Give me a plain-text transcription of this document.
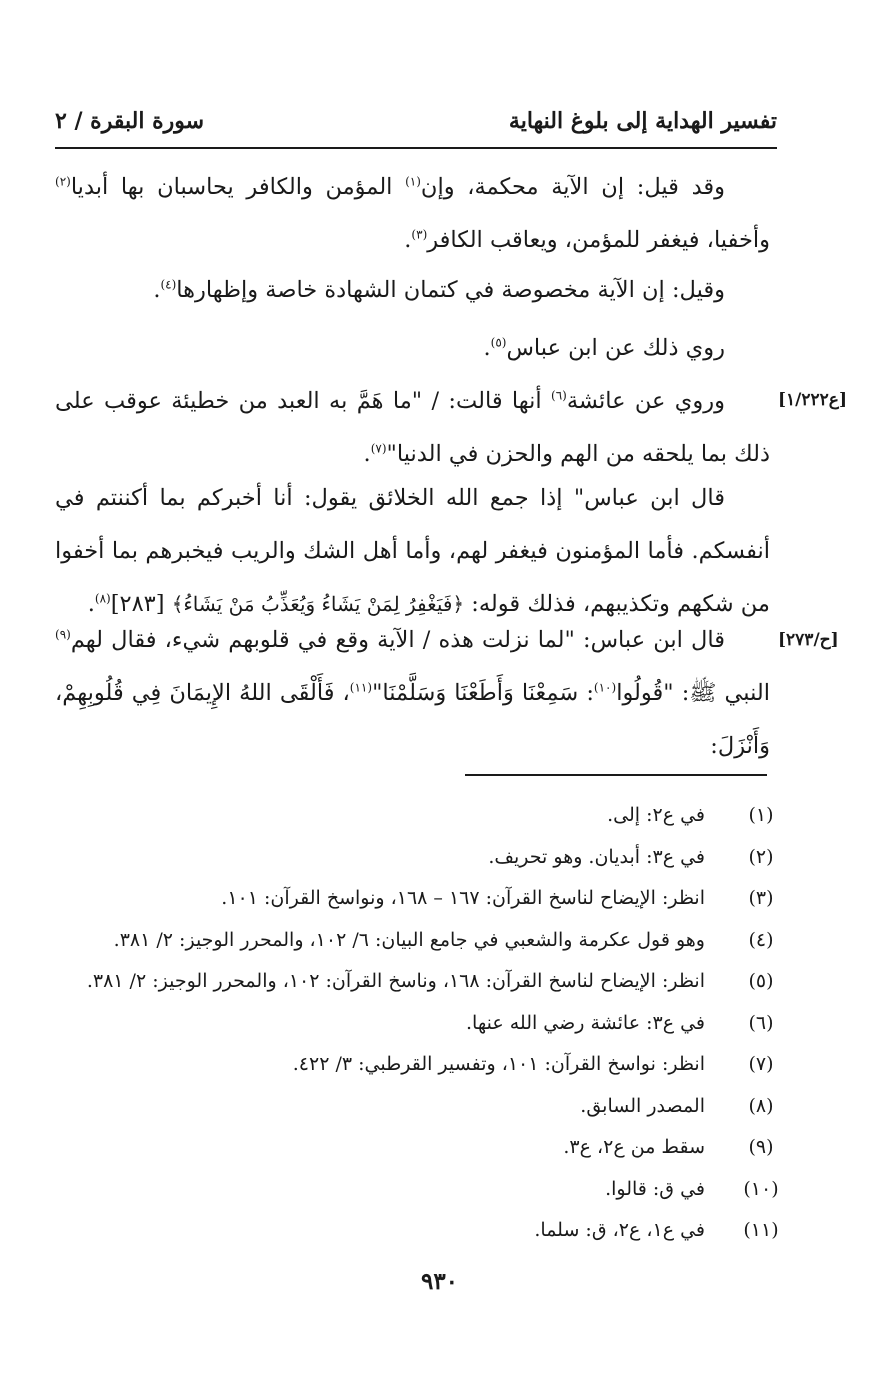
تفسير الهداية إلى بلوغ النهاية
سورة البقرة / ٢

وقد قيل: إن الآية محكمة، وإن$^{(١)}$ المؤمن والكافر يحاسبان بها أبديا$^{(٢)}$ وأخفيا، فيغفر للمؤمن، ويعاقب الكافر$^{(٣)}$.

وقيل: إن الآية مخصوصة في كتمان الشهادة خاصة وإظهارها$^{(٤)}$.

روي ذلك عن ابن عباس$^{(٥)}$.

[ع١/٢٢٢]

وروي عن عائشة$^{(٦)}$ أنها قالت: / "ما هَمَّ به العبد من خطيئة عوقب على ذلك بما يلحقه من الهم والحزن في الدنيا"$^{(٧)}$.

قال ابن عباس" إذا جمع الله الخلائق يقول: أنا أخبركم بما أكننتم في أنفسكم. فأما المؤمنون فيغفر لهم، وأما أهل الشك والريب فيخبرهم بما أخفوا من شكهم وتكذيبهم، فذلك قوله: ﴿فَيَغْفِرُ لِمَنْ يَشَاءُ وَيُعَذِّبُ مَنْ يَشَاءُ﴾ [٢٨٣]$^{(٨)}$.

[ح/٢٧٣]

قال ابن عباس: "لما نزلت هذه / الآية وقع في قلوبهم شيء، فقال لهم$^{(٩)}$ النبي ﷺ: "قُولُوا$^{(١٠)}$: سَمِعْنَا وَأَطَعْنَا وَسَلَّمْنَا"$^{(١١)}$، فَأَلْقَى اللهُ الإِيمَانَ فِي قُلُوبِهِمْ، وَأَنْزَلَ:

(١)
في ع٢: إلى.
(٢)
في ع٣: أبديان. وهو تحريف.
(٣)
انظر: الإيضاح لناسخ القرآن: ١٦٧ – ١٦٨، ونواسخ القرآن: ١٠١.
(٤)
وهو قول عكرمة والشعبي في جامع البيان: ٦/ ١٠٢، والمحرر الوجيز: ٢/ ٣٨١.
(٥)
انظر: الإيضاح لناسخ القرآن: ١٦٨، وناسخ القرآن: ١٠٢، والمحرر الوجيز: ٢/ ٣٨١.
(٦)
في ع٣: عائشة رضي الله عنها.
(٧)
انظر: نواسخ القرآن: ١٠١، وتفسير القرطبي: ٣/ ٤٢٢.
(٨)
المصدر السابق.
(٩)
سقط من ع٢، ع٣.
(١٠)
في ق: قالوا.
(١١)
في ع١، ع٢، ق: سلما.
٩٣٠
